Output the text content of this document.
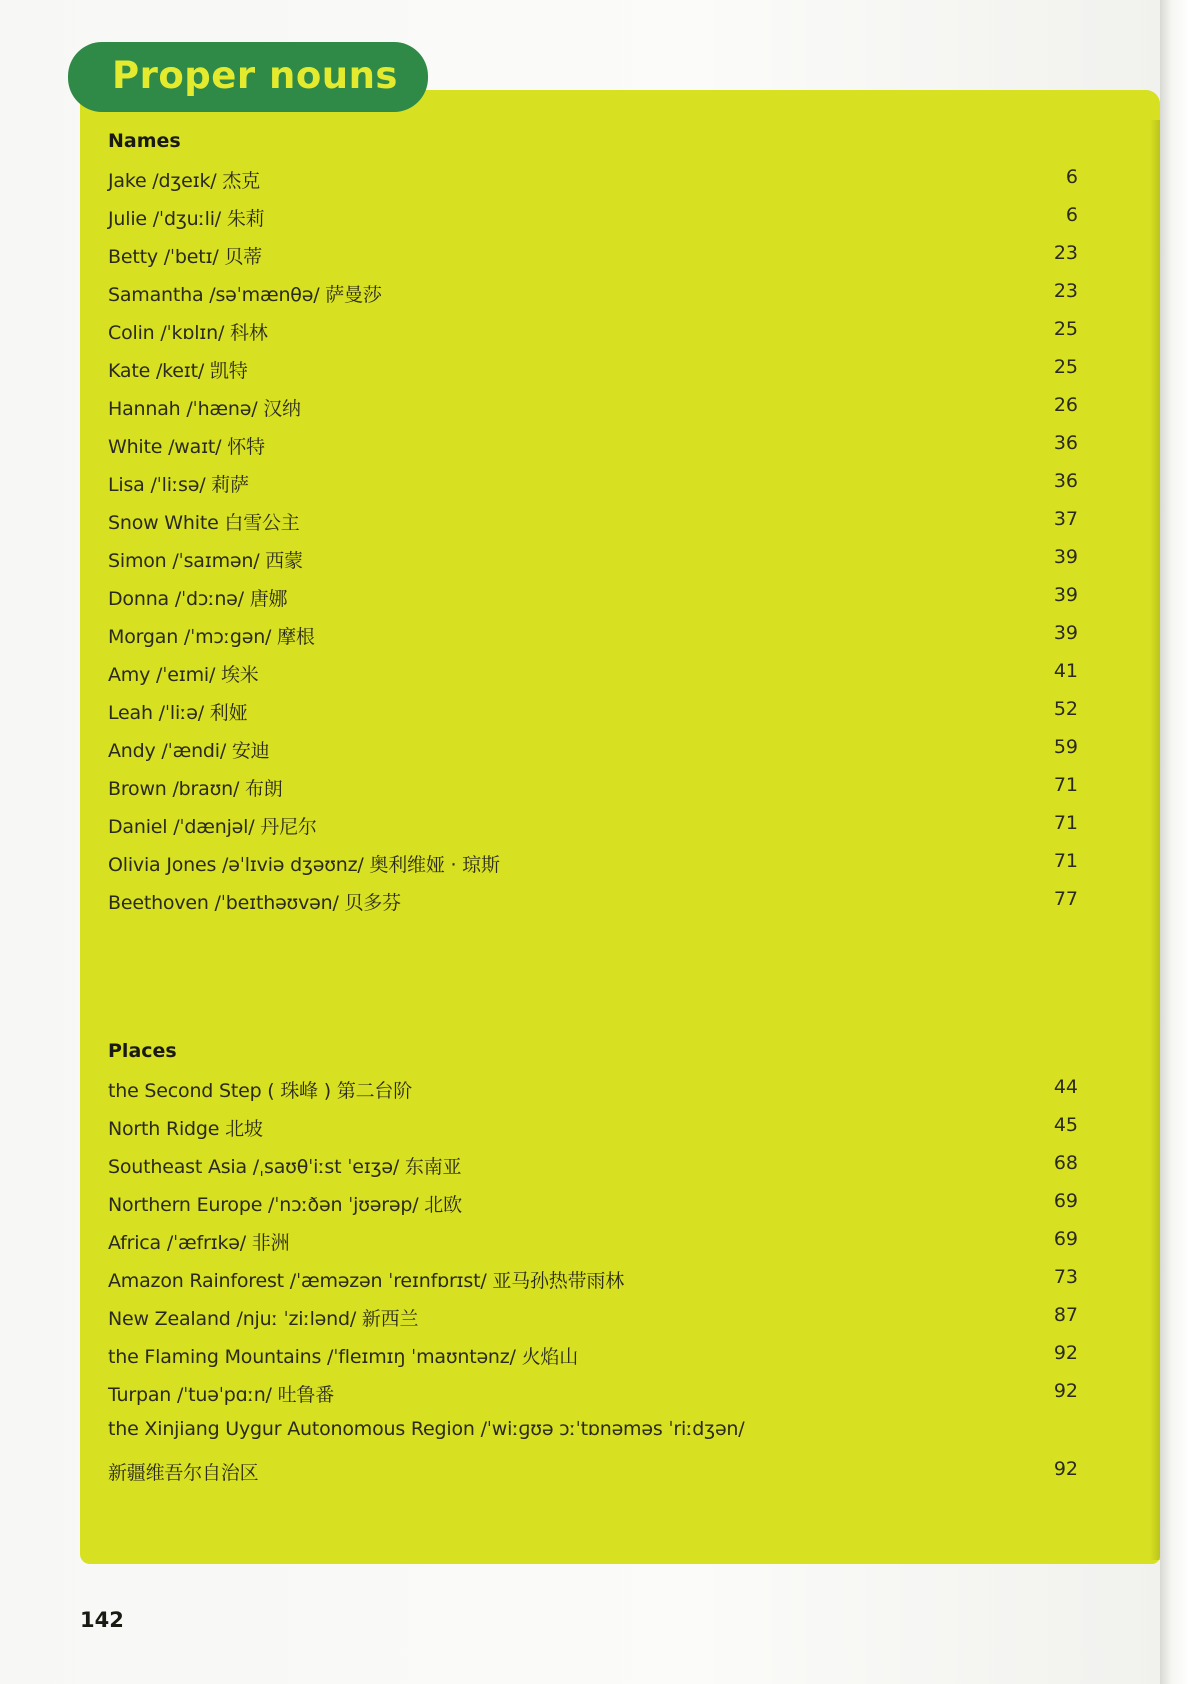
Proper nouns
Names
Jake /dʒeɪk/ 杰克	6
Julie /ˈdʒuːli/ 朱莉	6
Betty /ˈbetɪ/ 贝蒂	23
Samantha /səˈmænθə/ 萨曼莎	23
Colin /ˈkɒlɪn/ 科林	25
Kate /keɪt/ 凯特	25
Hannah /ˈhænə/ 汉纳	26
White /waɪt/ 怀特	36
Lisa /ˈliːsə/ 莉萨	36
Snow White 白雪公主	37
Simon /ˈsaɪmən/ 西蒙	39
Donna /ˈdɔːnə/ 唐娜	39
Morgan /ˈmɔːgən/ 摩根	39
Amy /ˈeɪmi/ 埃米	41
Leah /ˈliːə/ 利娅	52
Andy /ˈændi/ 安迪	59
Brown /braʊn/ 布朗	71
Daniel /ˈdænjəl/ 丹尼尔	71
Olivia Jones /əˈlɪviə dʒəʊnz/ 奥利维娅 · 琼斯	71
Beethoven /ˈbeɪthəʊvən/ 贝多芬	77
Places
the Second Step ( 珠峰 ) 第二台阶	44
North Ridge 北坡	45
Southeast Asia /ˌsaʊθˈiːst ˈeɪʒə/ 东南亚	68
Northern Europe /ˈnɔːðən ˈjʊərəp/ 北欧	69
Africa /ˈæfrɪkə/ 非洲	69
Amazon Rainforest /ˈæməzən ˈreɪnfɒrɪst/ 亚马孙热带雨林	73
New Zealand /njuː ˈziːlənd/ 新西兰	87
the Flaming Mountains /ˈfleɪmɪŋ ˈmaʊntənz/ 火焰山	92
Turpan /ˈtuəˈpɑːn/ 吐鲁番	92
the Xinjiang Uygur Autonomous Region /ˈwiːɡʊə ɔːˈtɒnəməs ˈriːdʒən/
新疆维吾尔自治区	92
142
